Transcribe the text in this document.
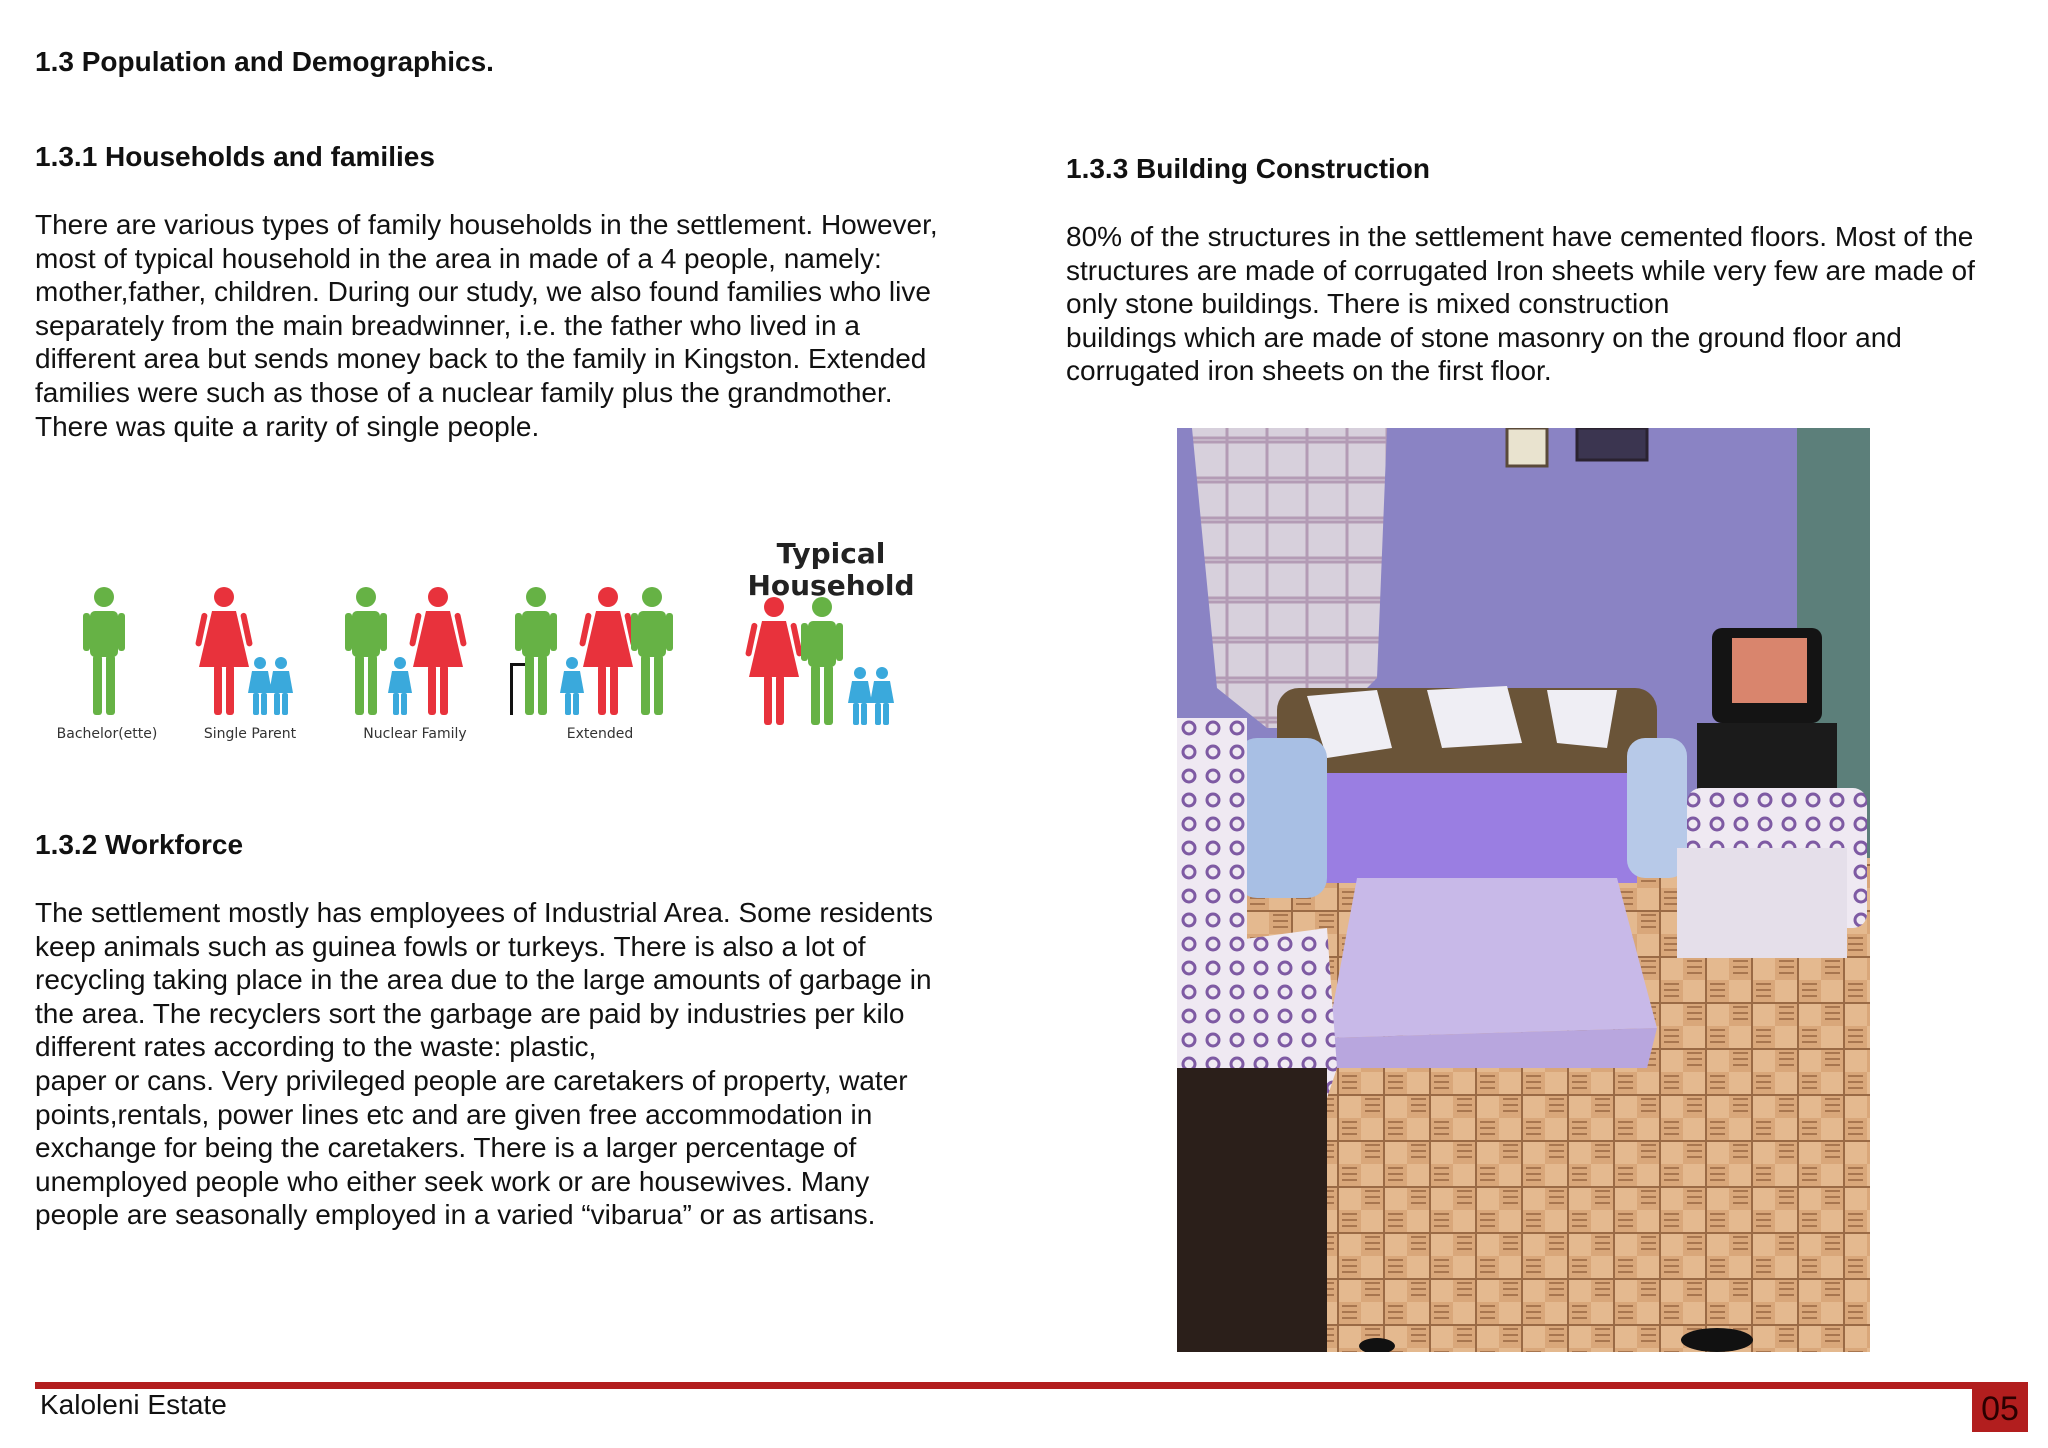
1.3 Population and Demographics.
1.3.1 Households and families

There are various types of family households in the settlement. However,
most of typical household in the area in made of a 4 people, namely:
mother,father, children. During our study, we also found families who live
separately from the main breadwinner, i.e. the father who lived in a
different area but sends money back to the family in Kingston. Extended
families were such as those of a nuclear family plus the grandmother.
There was quite a rarity of single people.

Typical
Household
Bachelor(ette)	Single Parent	Nuclear Family	Extended
1.3.2 Workforce

The settlement mostly has employees of Industrial Area. Some residents
keep animals such as guinea fowls or turkeys. There is also a lot of
recycling taking place in the area due to the large amounts of garbage in
the area. The recyclers sort the garbage are paid by industries per kilo
different rates according to the waste: plastic,
paper or cans. Very privileged people are caretakers of property, water
points,rentals, power lines etc and are given free accommodation in
exchange for being the caretakers. There is a larger percentage of
unemployed people who either seek work or are housewives. Many
people are seasonally employed in a varied “vibarua” or as artisans.

1.3.3 Building Construction

80% of the structures in the settlement have cemented floors. Most of the
structures are made of corrugated Iron sheets while very few are made of
only stone buildings. There is mixed construction
buildings which are made of stone masonry on the ground floor and
corrugated iron sheets on the first floor.

Kaloleni Estate	05
